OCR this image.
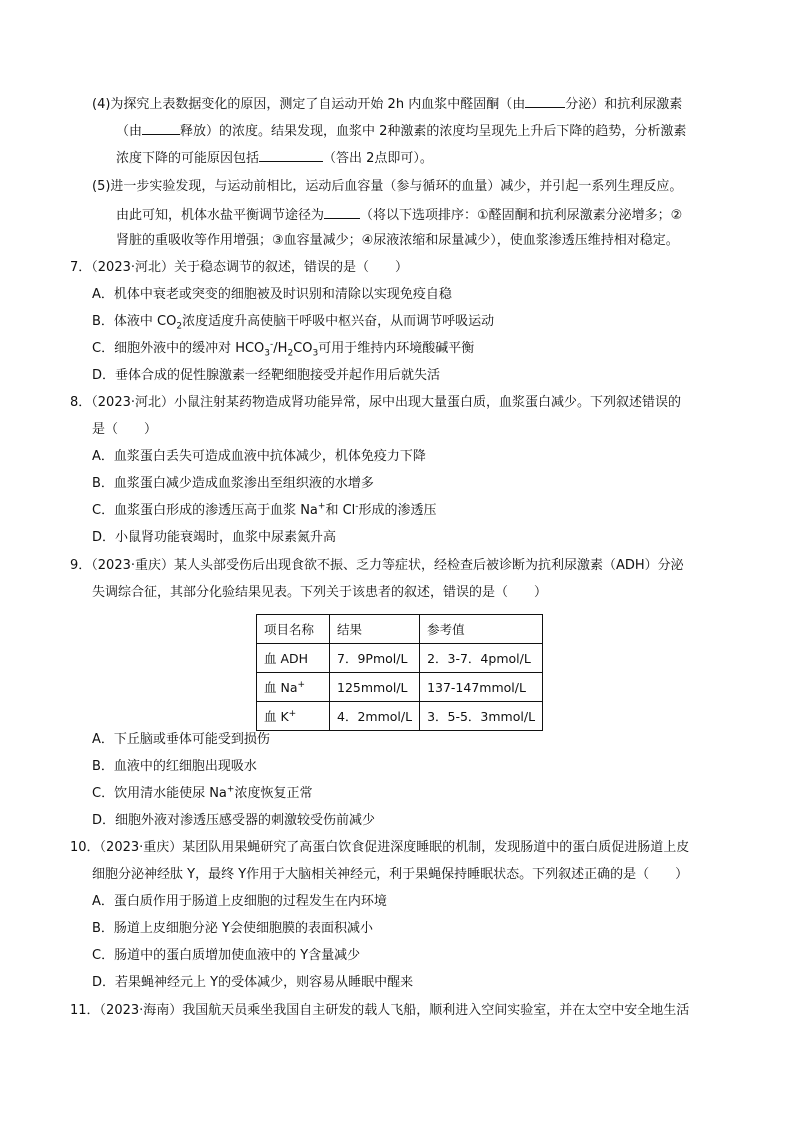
(4)为探究上表数据变化的原因，测定了自运动开始 2h 内血浆中醛固酮（由	分泌）和抗利尿激素
（由	释放）的浓度。结果发现，血浆中 2种激素的浓度均呈现先上升后下降的趋势，分析激素
浓度下降的可能原因包括	（答出 2点即可）。
(5)进一步实验发现，与运动前相比，运动后血容量（参与循环的血量）减少，并引起一系列生理反应。
由此可知，机体水盐平衡调节途径为	（将以下选项排序：①醛固酮和抗利尿激素分泌增多；②
肾脏的重吸收等作用增强；③血容量减少；④尿液浓缩和尿量减少），使血浆渗透压维持相对稳定。
7．（2023·河北）关于稳态调节的叙述，错误的是（　　）
A．机体中衰老或突变的细胞被及时识别和清除以实现免疫自稳
B．体液中 $CO_2$浓度适度升高使脑干呼吸中枢兴奋，从而调节呼吸运动
C．细胞外液中的缓冲对 $HCO_3^-/H_2CO_3$可用于维持内环境酸碱平衡
D．垂体合成的促性腺激素一经靶细胞接受并起作用后就失活
8．（2023·河北）小鼠注射某药物造成肾功能异常，尿中出现大量蛋白质，血浆蛋白减少。下列叙述错误的
是（　　）
A．血浆蛋白丢失可造成血液中抗体减少，机体免疫力下降
B．血浆蛋白减少造成血浆渗出至组织液的水增多
C．血浆蛋白形成的渗透压高于血浆 Na+和 Cl-形成的渗透压
D．小鼠肾功能衰竭时，血浆中尿素氮升高
9．（2023·重庆）某人头部受伤后出现食欲不振、乏力等症状，经检查后被诊断为抗利尿激素（ADH）分泌
失调综合征，其部分化验结果见表。下列关于该患者的叙述，错误的是（　　）
项目名称	结果	参考值
血 ADH	7．9Pmol/L	2．3-7．4pmol/L
血 Na+	125mmol/L	137-147mmol/L
血 K+	4．2mmol/L	3．5-5．3mmol/L
A．下丘脑或垂体可能受到损伤
B．血液中的红细胞出现吸水
C．饮用清水能使尿 Na+浓度恢复正常
D．细胞外液对渗透压感受器的刺激较受伤前减少
10．（2023·重庆）某团队用果蝇研究了高蛋白饮食促进深度睡眠的机制，发现肠道中的蛋白质促进肠道上皮
细胞分泌神经肽 Y，最终 Y作用于大脑相关神经元，利于果蝇保持睡眠状态。下列叙述正确的是（　　）
A．蛋白质作用于肠道上皮细胞的过程发生在内环境
B．肠道上皮细胞分泌 Y会使细胞膜的表面积减小
C．肠道中的蛋白质增加使血液中的 Y含量减少
D．若果蝇神经元上 Y的受体减少，则容易从睡眠中醒来
11．（2023·海南）我国航天员乘坐我国自主研发的载人飞船，顺利进入空间实验室，并在太空中安全地生活
